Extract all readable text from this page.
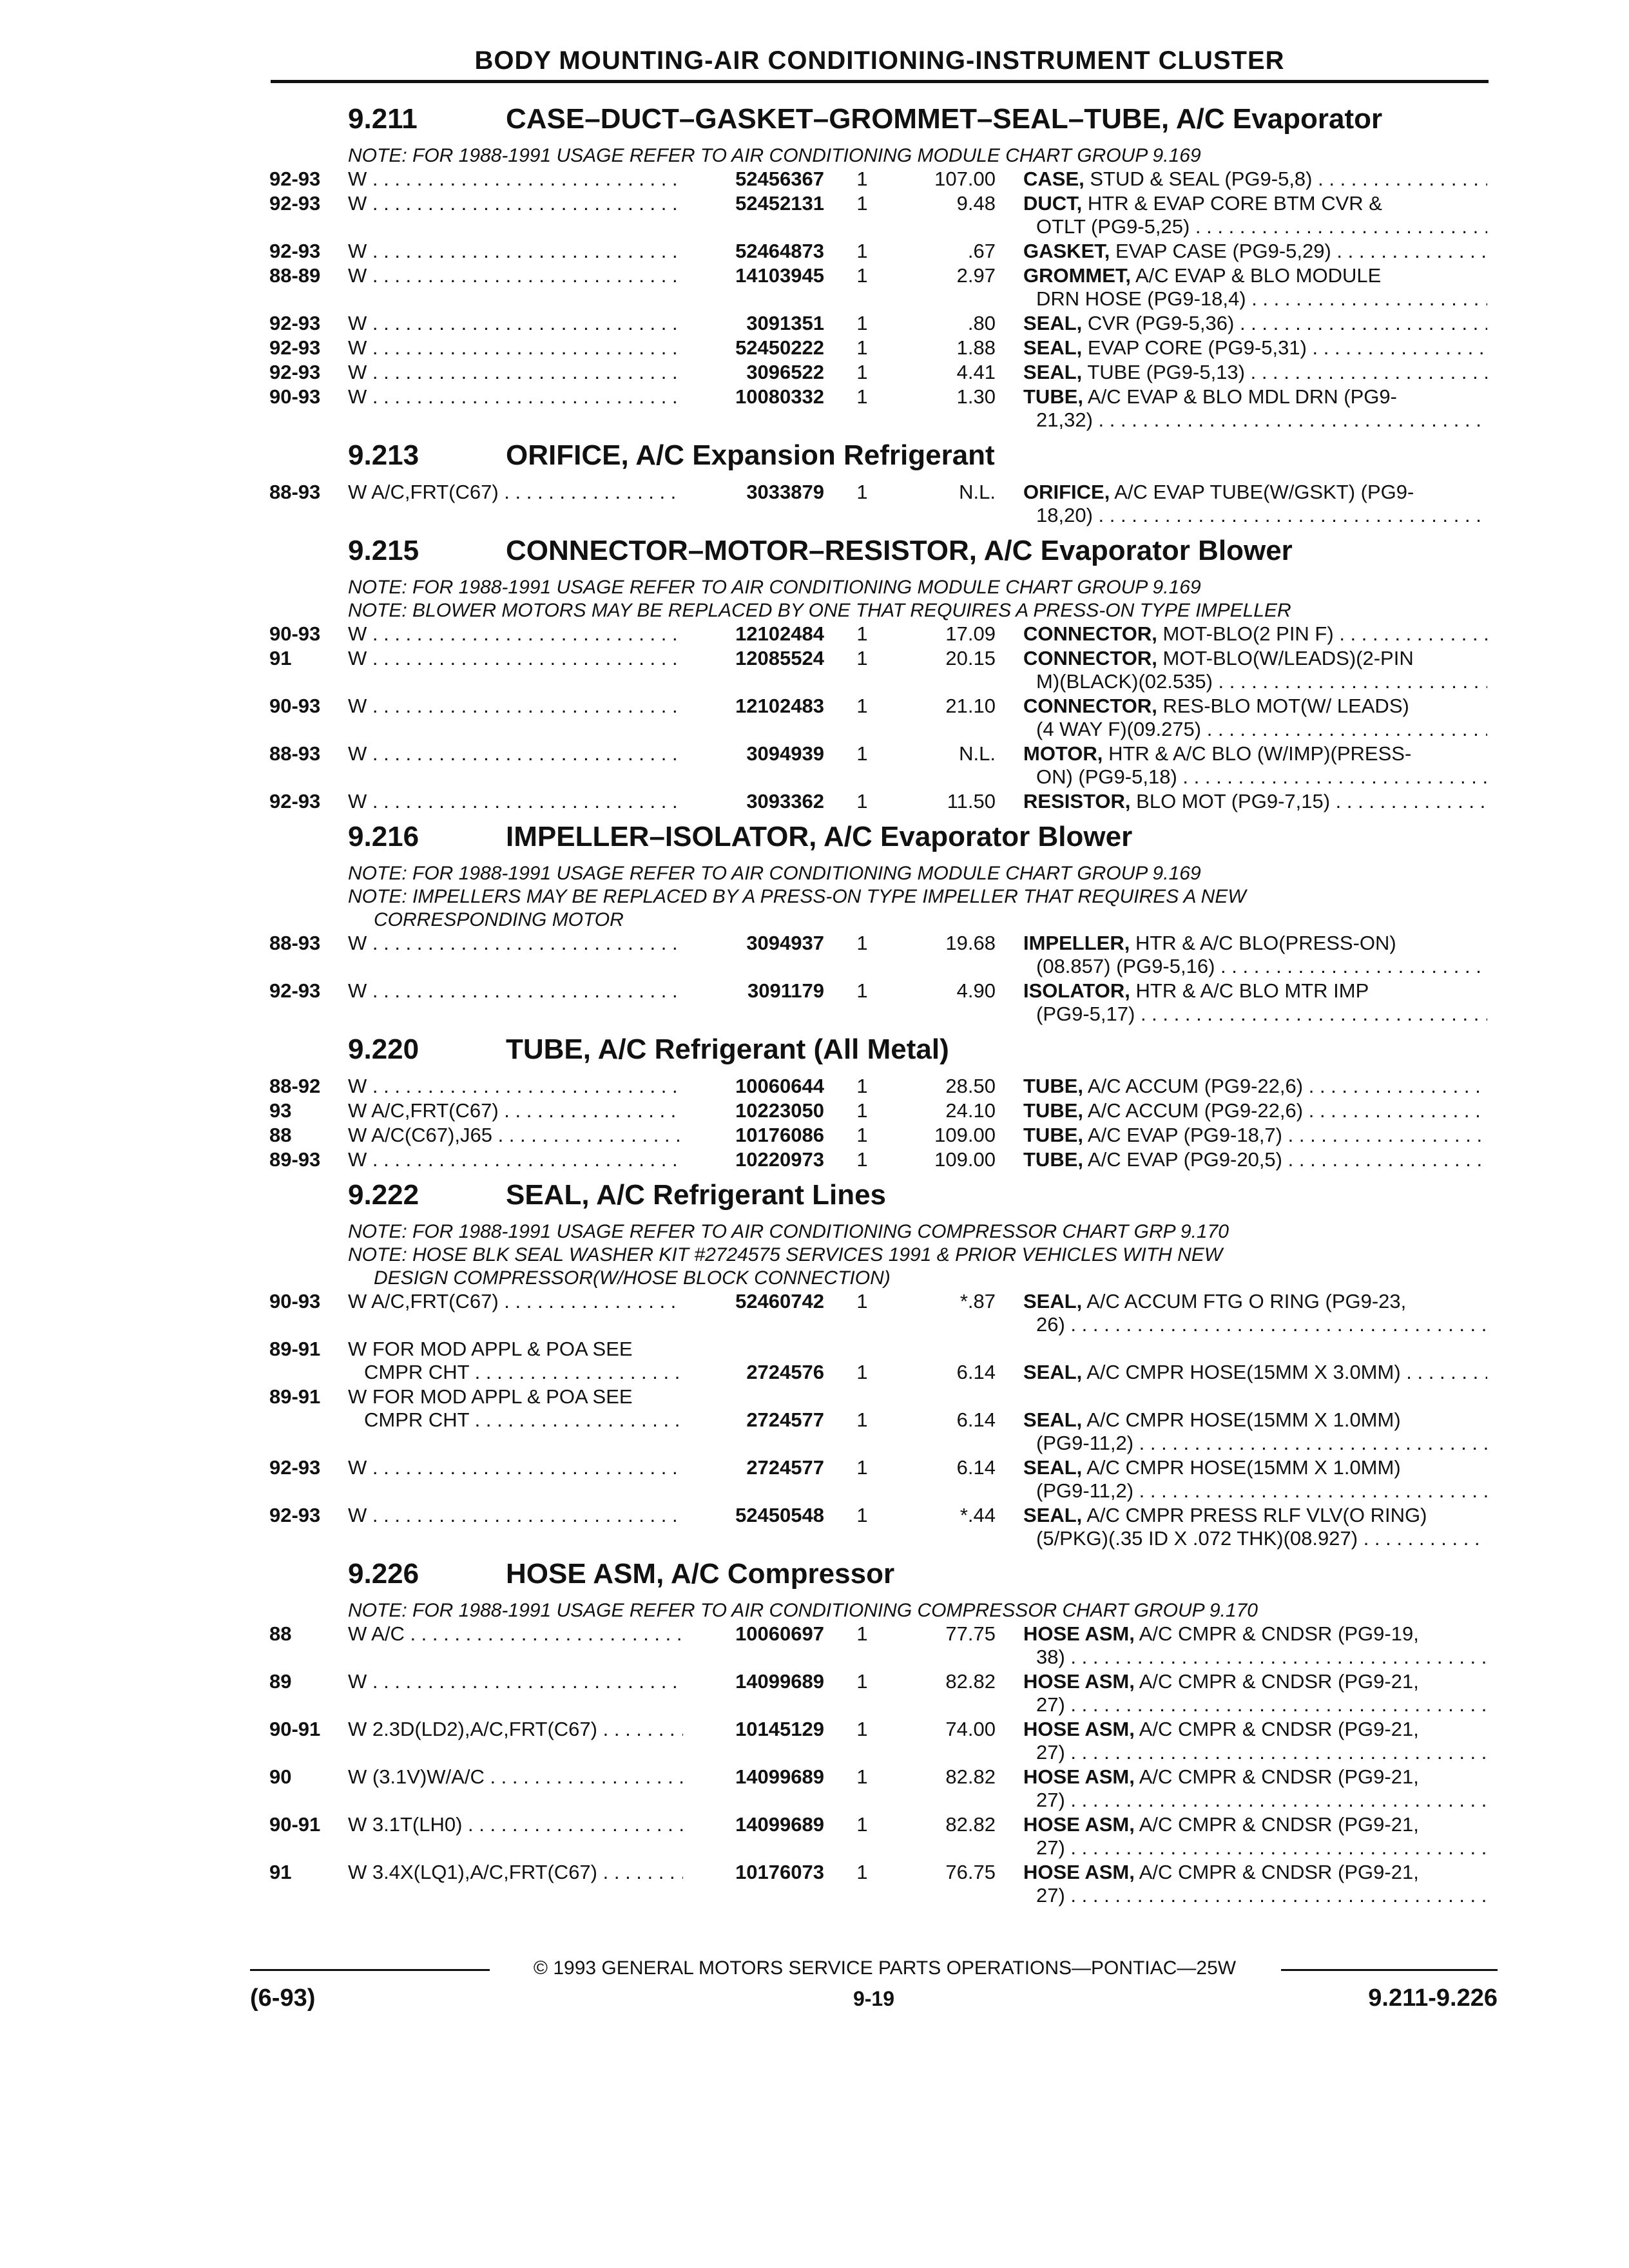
BODY MOUNTING-AIR CONDITIONING-INSTRUMENT CLUSTER
9.211	CASE–DUCT–GASKET–GROMMET–SEAL–TUBE, A/C Evaporator
NOTE: FOR 1988-1991 USAGE REFER TO AIR CONDITIONING MODULE CHART GROUP 9.169
92-93	W . . .	52456367	1	107.00 CASE, STUD & SEAL (PG9-5,8) . . .
92-93	W . . .	52452131	1	9.48 DUCT, HTR & EVAP CORE BTM CVR &
OTLT (PG9-5,25) . . .
92-93	W . . .	52464873	1	.67 GASKET, EVAP CASE (PG9-5,29) . . .
88-89	W . . .	14103945	1	2.97 GROMMET, A/C EVAP & BLO MODULE
DRN HOSE (PG9-18,4) . . .
92-93	W . . .	3091351	1	.80 SEAL, CVR (PG9-5,36) . . .
92-93	W . . .	52450222	1	1.88 SEAL, EVAP CORE (PG9-5,31) . . .
92-93	W . . .	3096522	1	4.41 SEAL, TUBE (PG9-5,13) . . .
90-93	W . . .	10080332	1	1.30 TUBE, A/C EVAP & BLO MDL DRN (PG9-
21,32) . . .
9.213	ORIFICE, A/C Expansion Refrigerant
88-93	W A/C,FRT(C67) . . .	3033879	1	N.L. ORIFICE, A/C EVAP TUBE(W/GSKT) (PG9-
18,20) . . .
9.215	CONNECTOR–MOTOR–RESISTOR, A/C Evaporator Blower
NOTE: FOR 1988-1991 USAGE REFER TO AIR CONDITIONING MODULE CHART GROUP 9.169
NOTE: BLOWER MOTORS MAY BE REPLACED BY ONE THAT REQUIRES A PRESS-ON TYPE IMPELLER
90-93	W . . .	12102484	1	17.09 CONNECTOR, MOT-BLO(2 PIN F) . . .
91	W . . .	12085524	1	20.15 CONNECTOR, MOT-BLO(W/LEADS)(2-PIN
M)(BLACK)(02.535) . . .
90-93	W . . .	12102483	1	21.10 CONNECTOR, RES-BLO MOT(W/ LEADS)
(4 WAY F)(09.275) . . .
88-93	W . . .	3094939	1	N.L. MOTOR, HTR & A/C BLO (W/IMP)(PRESS-
ON) (PG9-5,18) . . .
92-93	W . . .	3093362	1	11.50 RESISTOR, BLO MOT (PG9-7,15) . . .
9.216	IMPELLER–ISOLATOR, A/C Evaporator Blower
NOTE: FOR 1988-1991 USAGE REFER TO AIR CONDITIONING MODULE CHART GROUP 9.169
NOTE: IMPELLERS MAY BE REPLACED BY A PRESS-ON TYPE IMPELLER THAT REQUIRES A NEW
CORRESPONDING MOTOR
88-93	W . . .	3094937	1	19.68 IMPELLER, HTR & A/C BLO(PRESS-ON)
(08.857) (PG9-5,16) . . .
92-93	W . . .	3091179	1	4.90 ISOLATOR, HTR & A/C BLO MTR IMP
(PG9-5,17) . . .
9.220	TUBE, A/C Refrigerant (All Metal)
88-92	W . . .	10060644	1	28.50 TUBE, A/C ACCUM (PG9-22,6) . . .
93	W A/C,FRT(C67) . . .	10223050	1	24.10 TUBE, A/C ACCUM (PG9-22,6) . . .
88	W A/C(C67),J65 . . .	10176086	1	109.00 TUBE, A/C EVAP (PG9-18,7) . . .
89-93	W . . .	10220973	1	109.00 TUBE, A/C EVAP (PG9-20,5) . . .
9.222	SEAL, A/C Refrigerant Lines
NOTE: FOR 1988-1991 USAGE REFER TO AIR CONDITIONING COMPRESSOR CHART GRP 9.170
NOTE: HOSE BLK SEAL WASHER KIT #2724575 SERVICES 1991 & PRIOR VEHICLES WITH NEW
DESIGN COMPRESSOR(W/HOSE BLOCK CONNECTION)
90-93	W A/C,FRT(C67) . . .	52460742	1	*.87 SEAL, A/C ACCUM FTG O RING (PG9-23,
26) . . .
89-91	W FOR MOD APPL & POA SEE
CMPR CHT . . .	2724576	1	6.14 SEAL, A/C CMPR HOSE(15MM X 3.0MM) . . .
89-91	W FOR MOD APPL & POA SEE
CMPR CHT . . .	2724577	1	6.14 SEAL, A/C CMPR HOSE(15MM X 1.0MM)
(PG9-11,2) . . .
92-93	W . . .	2724577	1	6.14 SEAL, A/C CMPR HOSE(15MM X 1.0MM)
(PG9-11,2) . . .
92-93	W . . .	52450548	1	*.44 SEAL, A/C CMPR PRESS RLF VLV(O RING)
(5/PKG)(.35 ID X .072 THK)(08.927) . . .
9.226	HOSE ASM, A/C Compressor
NOTE: FOR 1988-1991 USAGE REFER TO AIR CONDITIONING COMPRESSOR CHART GROUP 9.170
88	W A/C . . .	10060697	1	77.75 HOSE ASM, A/C CMPR & CNDSR (PG9-19,
38) . . .
89	W . . .	14099689	1	82.82 HOSE ASM, A/C CMPR & CNDSR (PG9-21,
27) . . .
90-91	W 2.3D(LD2),A/C,FRT(C67) . . .	10145129	1	74.00 HOSE ASM, A/C CMPR & CNDSR (PG9-21,
27) . . .
90	W (3.1V)W/A/C . . .	14099689	1	82.82 HOSE ASM, A/C CMPR & CNDSR (PG9-21,
27) . . .
90-91	W 3.1T(LH0) . . .	14099689	1	82.82 HOSE ASM, A/C CMPR & CNDSR (PG9-21,
27) . . .
91	W 3.4X(LQ1),A/C,FRT(C67) . . .	10176073	1	76.75 HOSE ASM, A/C CMPR & CNDSR (PG9-21,
27) . . .
© 1993 GENERAL MOTORS SERVICE PARTS OPERATIONS—PONTIAC—25W
(6-93)	9-19	9.211-9.226
